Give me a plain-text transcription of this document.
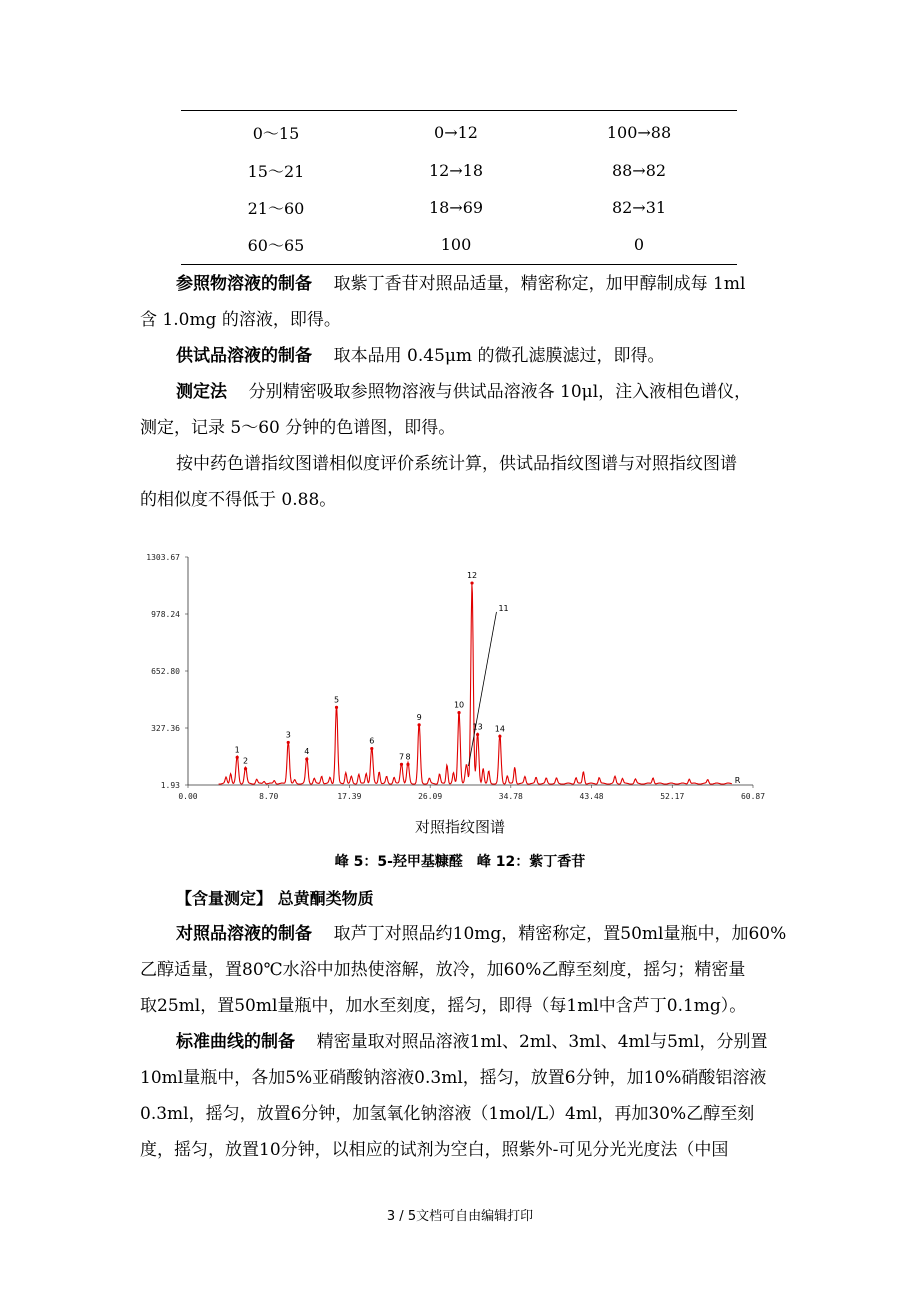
0～15	0→12	100→88
15～21	12→18	88→82
21～60	18→69	82→31
60～65	100	0
参照物溶液的制备 取紫丁香苷对照品适量，精密称定，加甲醇制成每 1ml
含 1.0mg 的溶液，即得。
供试品溶液的制备 取本品用 0.45μm 的微孔滤膜滤过，即得。
测定法 分别精密吸取参照物溶液与供试品溶液各 10μl，注入液相色谱仪，
测定，记录 5～60 分钟的色谱图，即得。
按中药色谱指纹图谱相似度评价系统计算，供试品指纹图谱与对照指纹图谱
的相似度不得低于 0.88。
1.93
327.36
652.80
978.24
1303.67
0.00	8.70	17.39	26.09	34.78	43.48	52.17	60.87
1
2
3
4
5
6
7 8
9
10
11
12
13 14
R
对照指纹图谱
峰 5：5-羟甲基糠醛　峰 12：紫丁香苷
【含量测定】 总黄酮类物质
对照品溶液的制备 取芦丁对照品约10mg，精密称定，置50ml量瓶中，加60%
乙醇适量，置80℃水浴中加热使溶解，放冷，加60%乙醇至刻度，摇匀；精密量
取25ml，置50ml量瓶中，加水至刻度，摇匀，即得（每1ml中含芦丁0.1mg）。
标准曲线的制备 精密量取对照品溶液1ml、2ml、3ml、4ml与5ml，分别置
10ml量瓶中，各加5%亚硝酸钠溶液0.3ml，摇匀，放置6分钟，加10%硝酸铝溶液
0.3ml，摇匀，放置6分钟，加氢氧化钠溶液（1mol/L）4ml，再加30%乙醇至刻
度，摇匀，放置10分钟，以相应的试剂为空白，照紫外-可见分光光度法（中国
3 / 5文档可自由编辑打印
